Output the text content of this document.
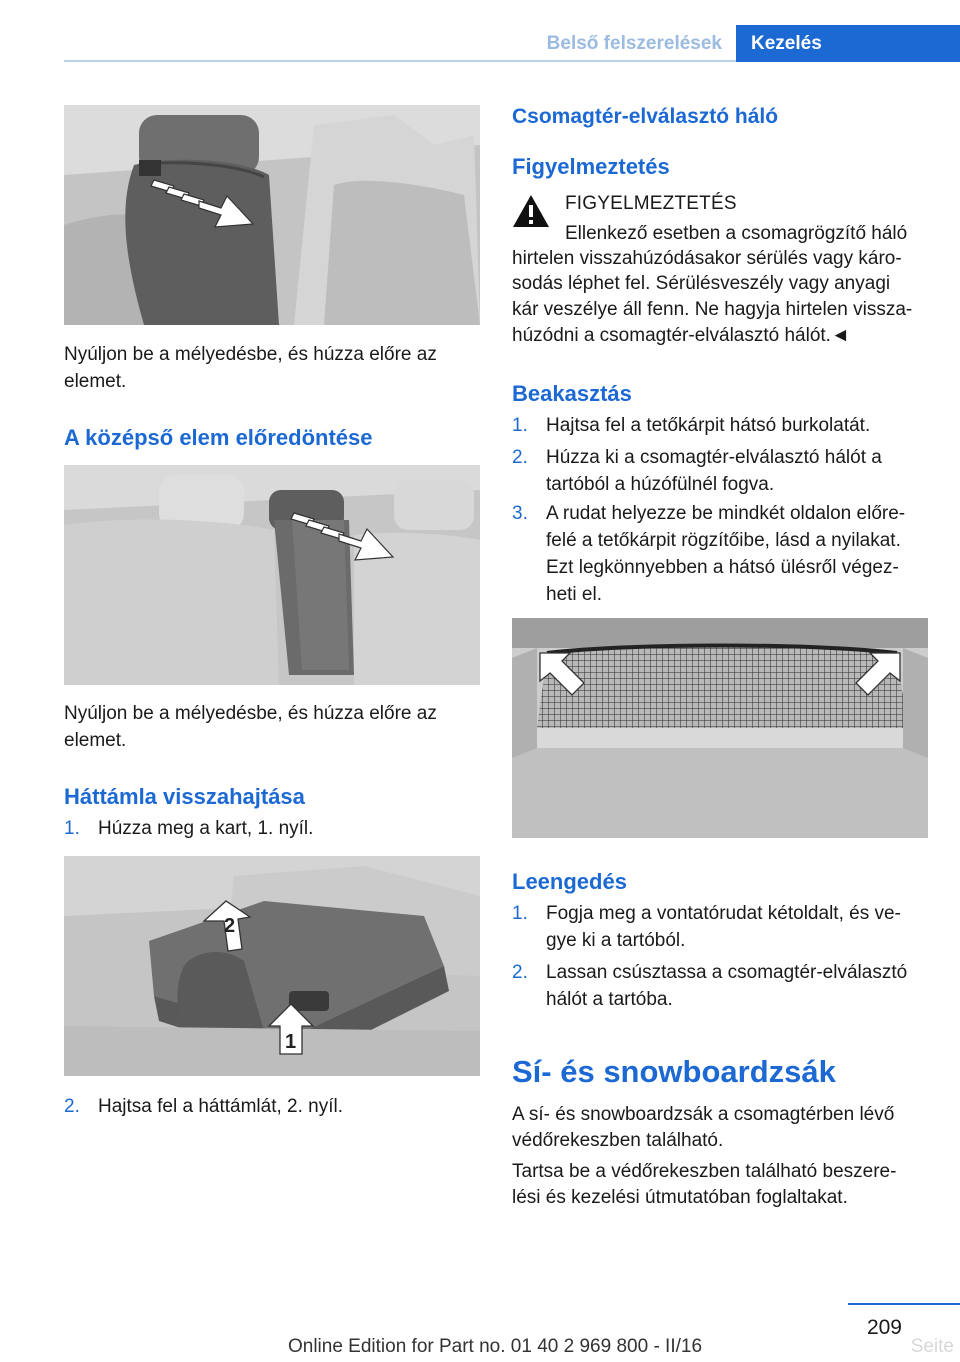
Belső felszerelések	Kezelés
Nyúljon be a mélyedésbe, és húzza előre az elemet.
A középső elem előredöntése
Nyúljon be a mélyedésbe, és húzza előre az elemet.
Háttámla visszahajtása
1. Húzza meg a kart, 1. nyíl.
2
1
2. Hajtsa fel a háttámlát, 2. nyíl.
Csomagtér-elválasztó háló
Figyelmeztetés
FIGYELMEZTETÉS
Ellenkező esetben a csomagrögzítő háló
hirtelen visszahúzódásakor sérülés vagy káro-
sodás léphet fel. Sérülésveszély vagy anyagi
kár veszélye áll fenn. Ne hagyja hirtelen vissza-
húzódni a csomagtér-elválasztó hálót.◄
Beakasztás
1. Hajtsa fel a tetőkárpit hátsó burkolatát.
2. Húzza ki a csomagtér-elválasztó hálót a
tartóból a húzófülnél fogva.
3. A rudat helyezze be mindkét oldalon előre-
felé a tetőkárpit rögzítőibe, lásd a nyilakat.
Ezt legkönnyebben a hátsó ülésről végez-
heti el.
Leengedés
1. Fogja meg a vontatórudat kétoldalt, és ve-
gye ki a tartóból.
2. Lassan csúsztassa a csomagtér-elválasztó
hálót a tartóba.
Sí- és snowboardzsák
A sí- és snowboardzsák a csomagtérben lévő
védőrekeszben található.
Tartsa be a védőrekeszben található beszere-
lési és kezelési útmutatóban foglaltakat.
209
Seite
Online Edition for Part no. 01 40 2 969 800 - II/16
